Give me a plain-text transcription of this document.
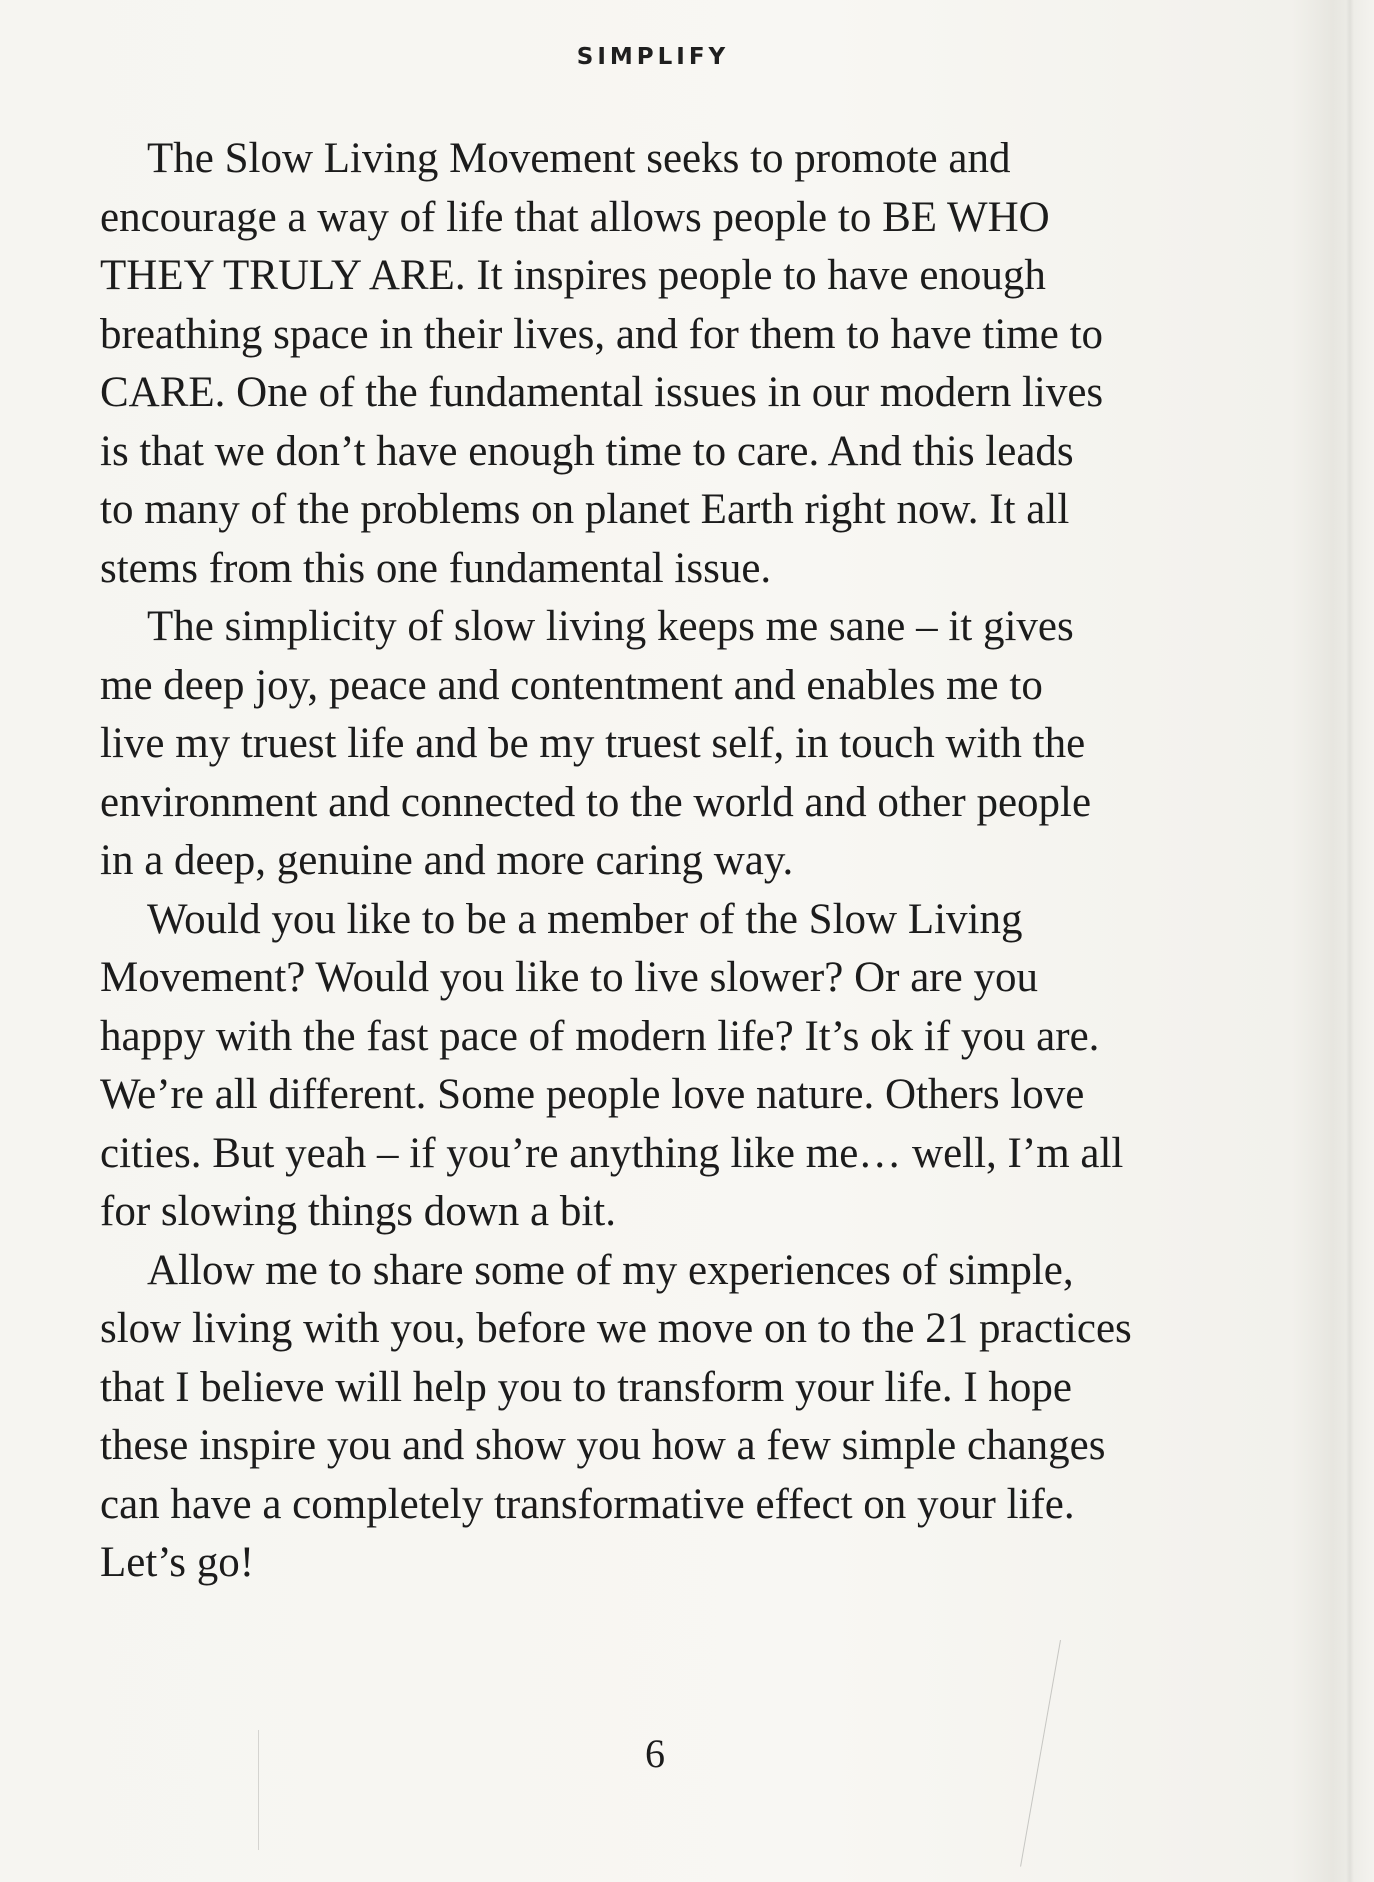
SIMPLIFY

The Slow Living Movement seeks to promote and
encourage a way of life that allows people to BE WHO
THEY TRULY ARE. It inspires people to have enough
breathing space in their lives, and for them to have time to
CARE. One of the fundamental issues in our modern lives
is that we don’t have enough time to care. And this leads
to many of the problems on planet Earth right now. It all
stems from this one fundamental issue.

The simplicity of slow living keeps me sane – it gives
me deep joy, peace and contentment and enables me to
live my truest life and be my truest self, in touch with the
environment and connected to the world and other people
in a deep, genuine and more caring way.

Would you like to be a member of the Slow Living
Movement? Would you like to live slower? Or are you
happy with the fast pace of modern life? It’s ok if you are.
We’re all different. Some people love nature. Others love
cities. But yeah – if you’re anything like me… well, I’m all
for slowing things down a bit.

Allow me to share some of my experiences of simple,
slow living with you, before we move on to the 21 practices
that I believe will help you to transform your life. I hope
these inspire you and show you how a few simple changes
can have a completely transformative effect on your life.
Let’s go!

6
